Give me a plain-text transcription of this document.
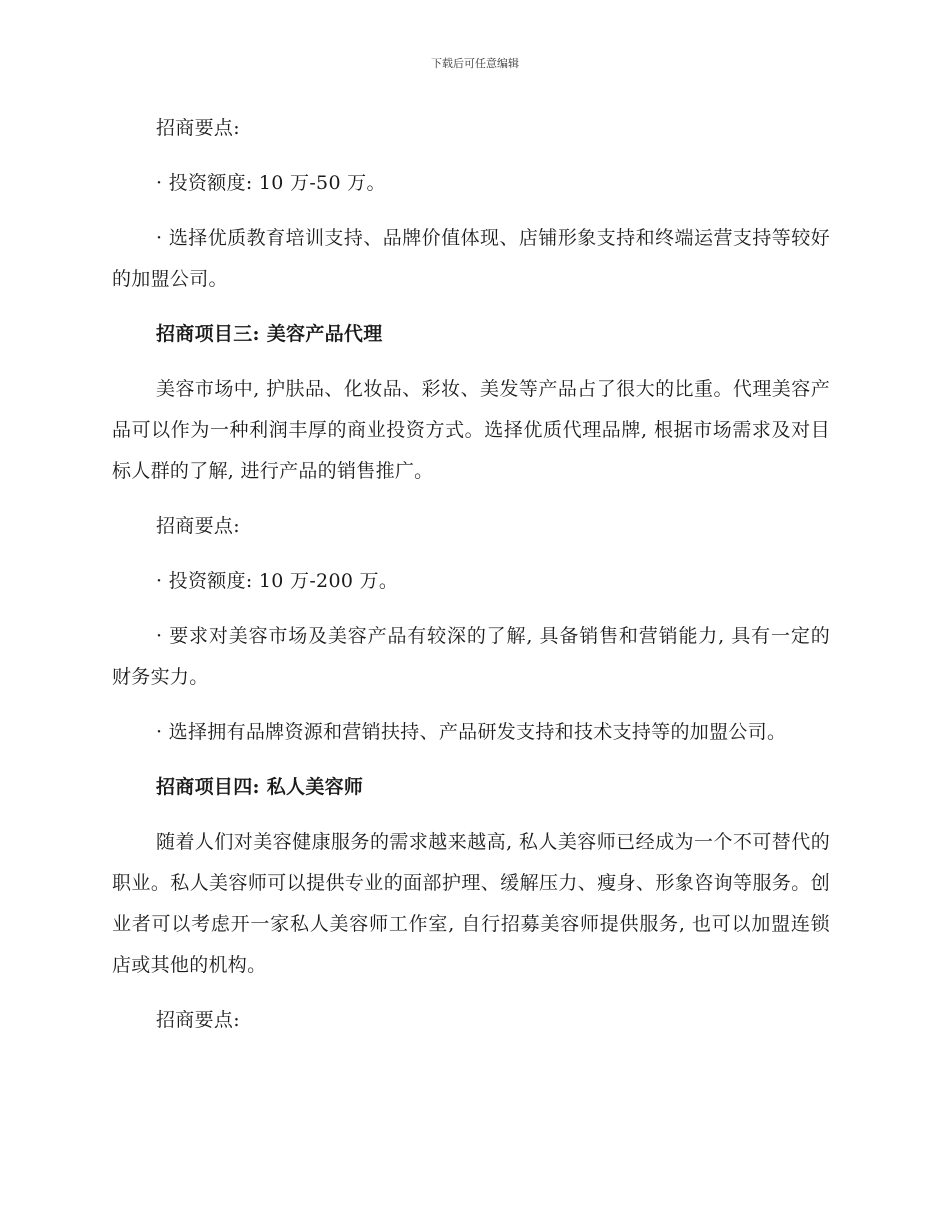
下载后可任意编辑

招商要点:

· 投资额度: 10 万-50 万。

· 选择优质教育培训支持、品牌价值体现、店铺形象支持和终端运营支持等较好的加盟公司。

招商项目三: 美容产品代理

美容市场中, 护肤品、化妆品、彩妆、美发等产品占了很大的比重。代理美容产品可以作为一种利润丰厚的商业投资方式。选择优质代理品牌, 根据市场需求及对目标人群的了解, 进行产品的销售推广。

招商要点:

· 投资额度: 10 万-200 万。

· 要求对美容市场及美容产品有较深的了解, 具备销售和营销能力, 具有一定的财务实力。

· 选择拥有品牌资源和营销扶持、产品研发支持和技术支持等的加盟公司。

招商项目四: 私人美容师

随着人们对美容健康服务的需求越来越高, 私人美容师已经成为一个不可替代的职业。私人美容师可以提供专业的面部护理、缓解压力、瘦身、形象咨询等服务。创业者可以考虑开一家私人美容师工作室, 自行招募美容师提供服务, 也可以加盟连锁店或其他的机构。

招商要点:
